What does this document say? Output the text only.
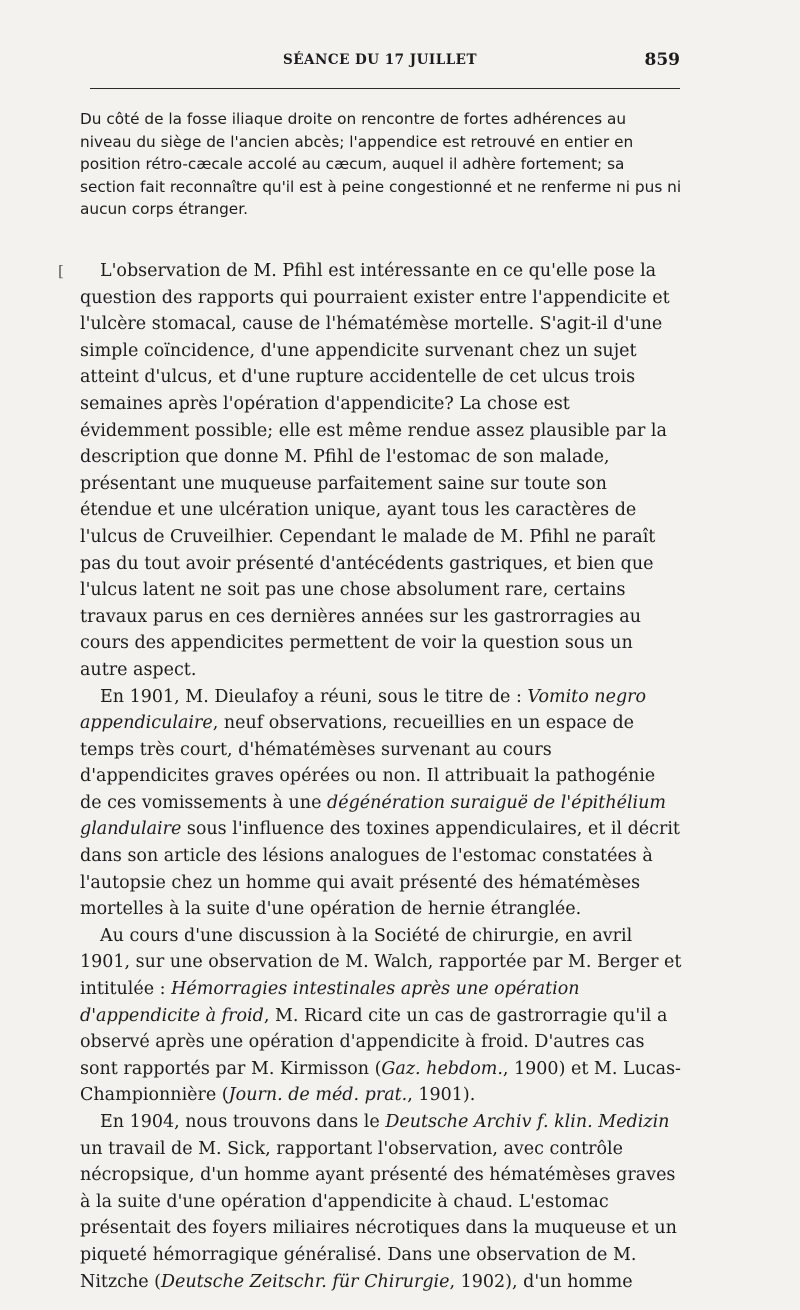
SÉANCE DU 17 JUILLET	859

Du côté de la fosse iliaque droite on rencontre de fortes adhérences au niveau du siège de l'ancien abcès; l'appendice est retrouvé en entier en position rétro-cæcale accolé au cæcum, auquel il adhère fortement; sa section fait reconnaître qu'il est à peine congestionné et ne renferme ni pus ni aucun corps étranger.

[	L'observation de M. Pfihl est intéressante en ce qu'elle pose la question des rapports qui pourraient exister entre l'appendicite et l'ulcère stomacal, cause de l'hématémèse mortelle. S'agit-il d'une simple coïncidence, d'une appendicite survenant chez un sujet atteint d'ulcus, et d'une rupture accidentelle de cet ulcus trois semaines après l'opération d'appendicite? La chose est évidemment possible; elle est même rendue assez plausible par la description que donne M. Pfihl de l'estomac de son malade, présentant une muqueuse parfaitement saine sur toute son étendue et une ulcération unique, ayant tous les caractères de l'ulcus de Cruveilhier. Cependant le malade de M. Pfihl ne paraît pas du tout avoir présenté d'antécédents gastriques, et bien que l'ulcus latent ne soit pas une chose absolument rare, certains travaux parus en ces dernières années sur les gastrorragies au cours des appendicites permettent de voir la question sous un autre aspect.

En 1901, M. Dieulafoy a réuni, sous le titre de : Vomito negro appendiculaire, neuf observations, recueillies en un espace de temps très court, d'hématémèses survenant au cours d'appendicites graves opérées ou non. Il attribuait la pathogénie de ces vomissements à une dégénération suraiguë de l'épithélium glandulaire sous l'influence des toxines appendiculaires, et il décrit dans son article des lésions analogues de l'estomac constatées à l'autopsie chez un homme qui avait présenté des hématémèses mortelles à la suite d'une opération de hernie étranglée.

Au cours d'une discussion à la Société de chirurgie, en avril 1901, sur une observation de M. Walch, rapportée par M. Berger et intitulée : Hémorragies intestinales après une opération d'appendicite à froid, M. Ricard cite un cas de gastrorragie qu'il a observé après une opération d'appendicite à froid. D'autres cas sont rapportés par M. Kirmisson (Gaz. hebdom., 1900) et M. Lucas-Championnière (Journ. de méd. prat., 1901).

En 1904, nous trouvons dans le Deutsche Archiv f. klin. Medizin un travail de M. Sick, rapportant l'observation, avec contrôle nécropsique, d'un homme ayant présenté des hématémèses graves à la suite d'une opération d'appendicite à chaud. L'estomac présentait des foyers miliaires nécrotiques dans la muqueuse et un piqueté hémorragique généralisé. Dans une observation de M. Nitzche (Deutsche Zeitschr. für Chirurgie, 1902), d'un homme
